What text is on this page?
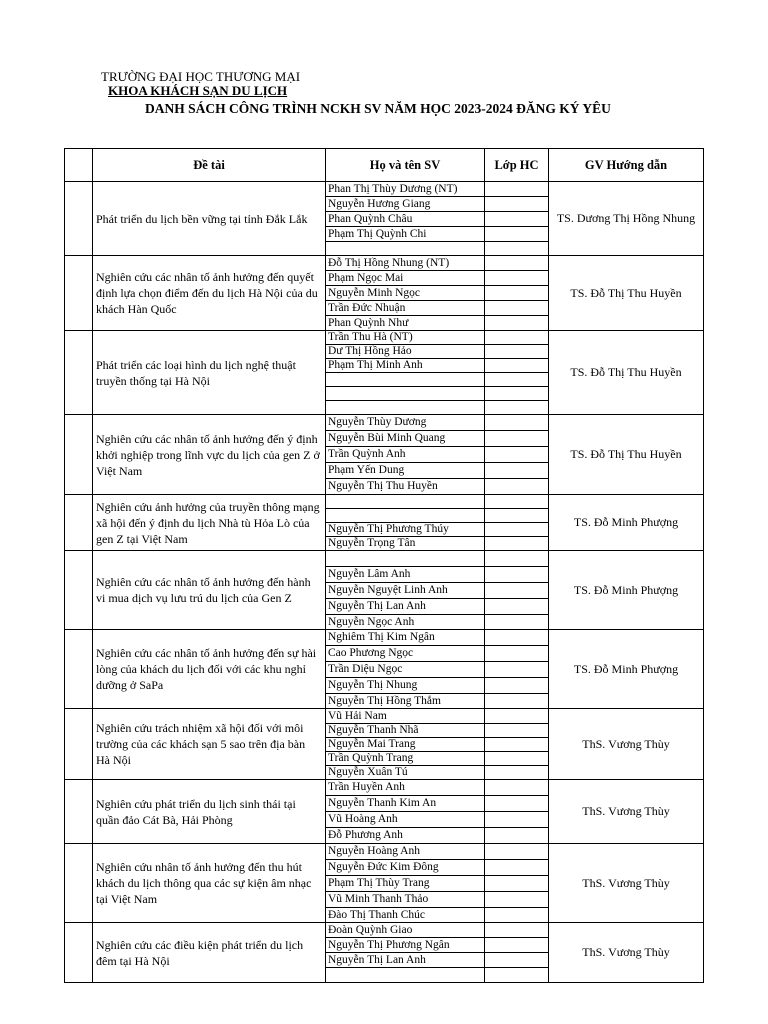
TRƯỜNG ĐẠI HỌC THƯƠNG MẠI
KHOA KHÁCH SẠN DU LỊCH
DANH SÁCH CÔNG TRÌNH NCKH SV NĂM HỌC 2023-2024 ĐĂNG KÝ YÊU
	Đề tài	Họ và tên SV	Lớp HC	GV Hướng dẫn
	Phát triển du lịch bền vững tại tỉnh Đắk Lắk	Phan Thị Thùy Dương (NT)		TS. Dương Thị Hồng Nhung
		Nguyễn Hương Giang		
		Phan Quỳnh Châu		
		Phạm Thị Quỳnh Chi		

	Nghiên cứu các nhân tố ảnh hưởng đến quyết định lựa chọn điểm đến du lịch Hà Nội của du khách Hàn Quốc	Đỗ Thị Hồng Nhung (NT)		TS. Đỗ Thị Thu Huyền
		Phạm Ngọc Mai		
		Nguyễn Minh Ngọc		
		Trần Đức Nhuận		
		Phan Quỳnh Như		
	Phát triển các loại hình du lịch nghệ thuật truyền thống tại Hà Nội	Trần Thu Hà (NT)		TS. Đỗ Thị Thu Huyền
		Dư Thị Hồng Hảo		
		Phạm Thị Minh Anh		

	Nghiên cứu các nhân tố ảnh hưởng đến ý định khởi nghiệp trong lĩnh vực du lịch của gen Z ở Việt Nam	Nguyễn Thùy Dương		TS. Đỗ Thị Thu Huyền
		Nguyễn Bùi Minh Quang		
		Trần Quỳnh Anh		
		Phạm Yến Dung		
		Nguyễn Thị Thu Huyền		
	Nghiên cứu ảnh hưởng của truyền thông mạng xã hội đến ý định du lịch Nhà tù Hỏa Lò của gen Z tại Việt Nam			TS. Đỗ Minh Phượng

		Nguyễn Thị Phương Thúy		
		Nguyễn Trọng Tân		
	Nghiên cứu các nhân tố ảnh hưởng đến hành vi mua dịch vụ lưu trú du lịch của Gen Z			TS. Đỗ Minh Phượng
		Nguyễn Lâm Anh		
		Nguyễn Nguyệt Linh Anh		
		Nguyễn Thị Lan Anh		
		Nguyễn Ngọc Anh		
	Nghiên cứu các nhân tố ảnh hưởng đến sự hài lòng của khách du lịch đối với các khu nghỉ dưỡng ở SaPa	Nghiêm Thị Kim Ngân		TS. Đỗ Minh Phượng
		Cao Phương Ngọc		
		Trần Diệu Ngọc		
		Nguyễn Thị Nhung		
		Nguyễn Thị Hồng Thắm		
	Nghiên cứu trách nhiệm xã hội đối với môi trường của các khách sạn 5 sao trên địa bàn Hà Nội	Vũ Hải Nam		ThS. Vương Thùy
		Nguyễn Thanh Nhã		
		Nguyễn Mai Trang		
		Trần Quỳnh Trang		
		Nguyễn Xuân Tú		
	Nghiên cứu phát triển du lịch sinh thái tại quần đảo Cát Bà, Hải Phòng	Trần Huyền Anh		ThS. Vương Thùy
		Nguyễn Thanh Kim An		
		Vũ Hoàng Anh		
		Đỗ Phương Anh		
	Nghiên cứu nhân tố ảnh hưởng đến thu hút khách du lịch thông qua các sự kiện âm nhạc tại Việt Nam	Nguyễn Hoàng Anh		ThS. Vương Thùy
		Nguyễn Đức Kim Đông		
		Phạm Thị Thùy Trang		
		Vũ Minh Thanh Thảo		
		Đào Thị Thanh Chúc		
	Nghiên cứu các điều kiện phát triển du lịch đêm tại Hà Nội	Đoàn Quỳnh Giao		ThS. Vương Thùy
		Nguyễn Thị Phương Ngân		
		Nguyễn Thị Lan Anh		
